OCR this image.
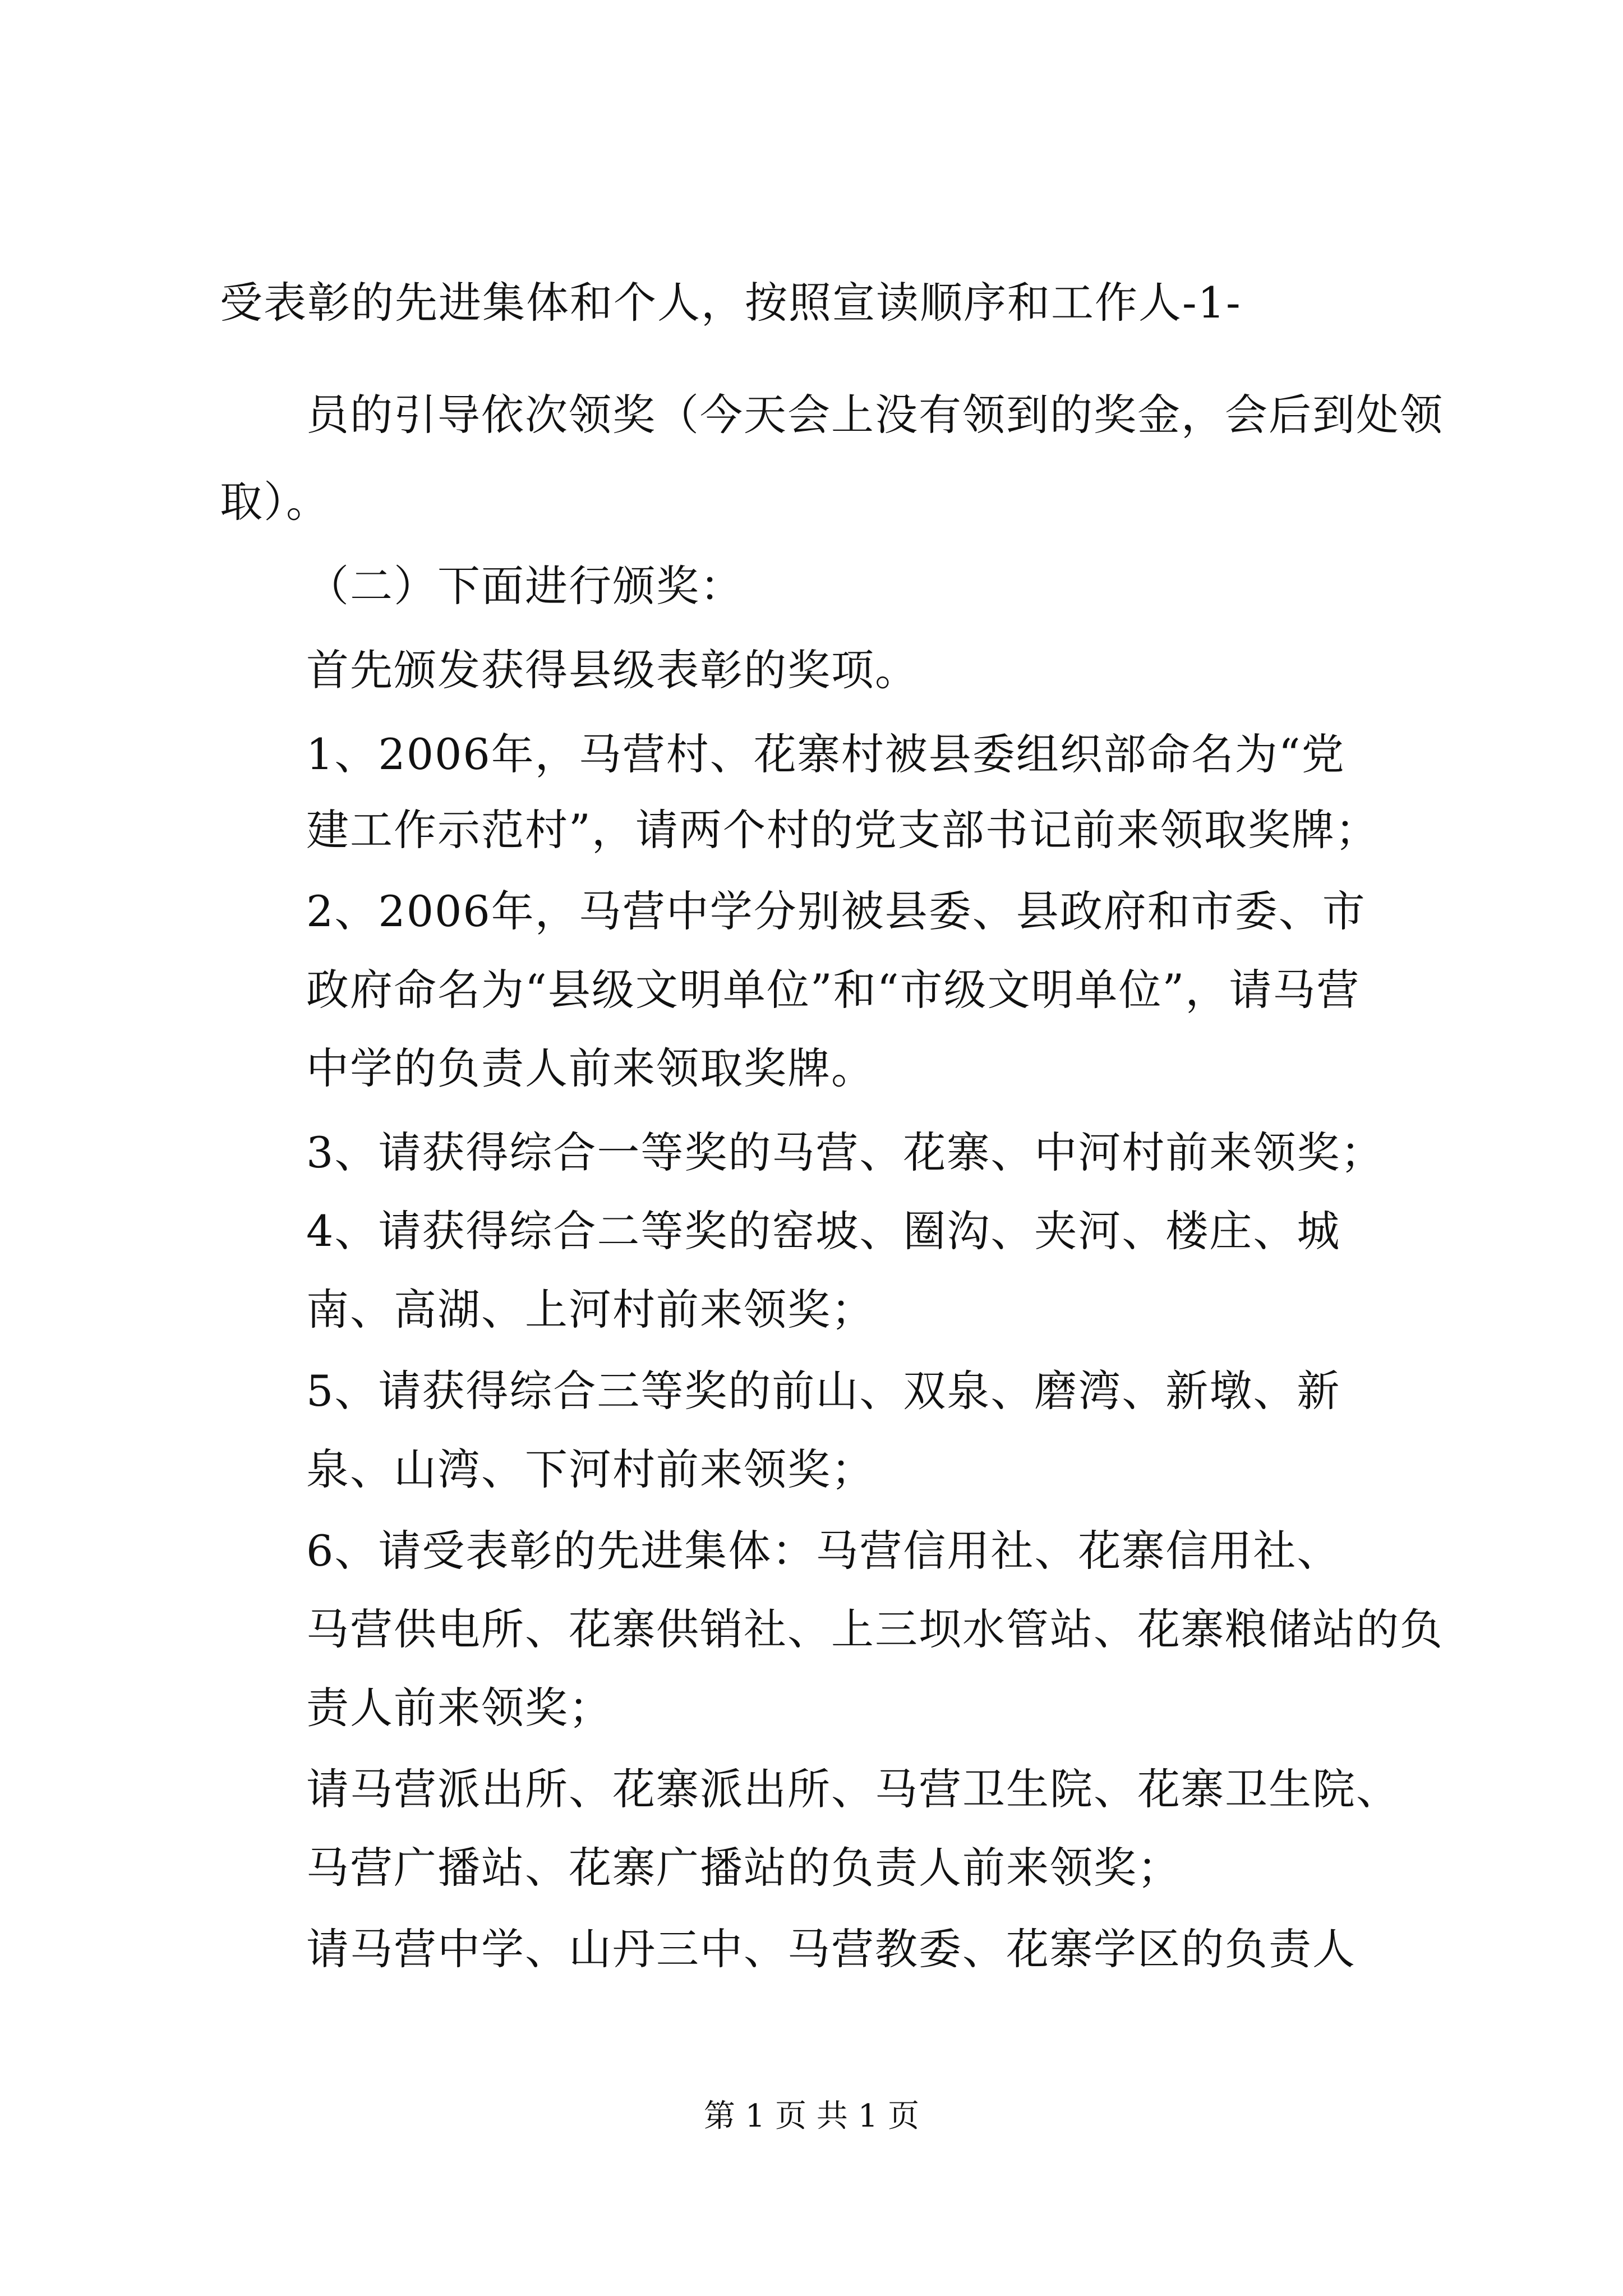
受表彰的先进集体和个人，按照宣读顺序和工作人-1-
员的引导依次领奖（今天会上没有领到的奖金，会后到处领
取）。
（二）下面进行颁奖：
首先颁发获得县级表彰的奖项。
1、2006年，马营村、花寨村被县委组织部命名为“党
建工作示范村”，请两个村的党支部书记前来领取奖牌；
2、2006年，马营中学分别被县委、县政府和市委、市
政府命名为“县级文明单位”和“市级文明单位”，请马营
中学的负责人前来领取奖牌。
3、请获得综合一等奖的马营、花寨、中河村前来领奖；
4、请获得综合二等奖的窑坡、圈沟、夹河、楼庄、城
南、高湖、上河村前来领奖；
5、请获得综合三等奖的前山、双泉、磨湾、新墩、新
泉、山湾、下河村前来领奖；
6、请受表彰的先进集体：马营信用社、花寨信用社、
马营供电所、花寨供销社、上三坝水管站、花寨粮储站的负
责人前来领奖；
请马营派出所、花寨派出所、马营卫生院、花寨卫生院、
马营广播站、花寨广播站的负责人前来领奖；
请马营中学、山丹三中、马营教委、花寨学区的负责人
第 1 页 共 1 页
